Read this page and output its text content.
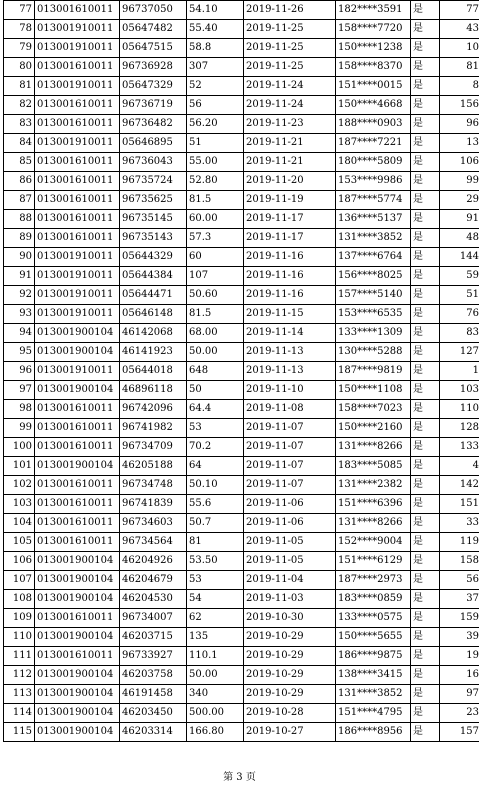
77	013001610011	96737050	54.10	2019-11-26	182****3591	是	77
78	013001910011	05647482	55.40	2019-11-25	158****7720	是	43
79	013001910011	05647515	58.8	2019-11-25	150****1238	是	10
80	013001610011	96736928	307	2019-11-25	158****8370	是	81
81	013001910011	05647329	52	2019-11-24	151****0015	是	8
82	013001610011	96736719	56	2019-11-24	150****4668	是	156
83	013001610011	96736482	56.20	2019-11-23	188****0903	是	96
84	013001910011	05646895	51	2019-11-21	187****7221	是	13
85	013001610011	96736043	55.00	2019-11-21	180****5809	是	106
86	013001610011	96735724	52.80	2019-11-20	153****9986	是	99
87	013001610011	96735625	81.5	2019-11-19	187****5774	是	29
88	013001610011	96735145	60.00	2019-11-17	136****5137	是	91
89	013001610011	96735143	57.3	2019-11-17	131****3852	是	48
90	013001910011	05644329	60	2019-11-16	137****6764	是	144
91	013001910011	05644384	107	2019-11-16	156****8025	是	59
92	013001910011	05644471	50.60	2019-11-16	157****5140	是	51
93	013001910011	05646148	81.5	2019-11-15	153****6535	是	76
94	013001900104	46142068	68.00	2019-11-14	133****1309	是	83
95	013001900104	46141923	50.00	2019-11-13	130****5288	是	127
96	013001910011	05644018	648	2019-11-13	187****9819	是	1
97	013001900104	46896118	50	2019-11-10	150****1108	是	103
98	013001610011	96742096	64.4	2019-11-08	158****7023	是	110
99	013001610011	96741982	53	2019-11-07	150****2160	是	128
100	013001610011	96734709	70.2	2019-11-07	131****8266	是	133
101	013001900104	46205188	64	2019-11-07	183****5085	是	4
102	013001610011	96734748	50.10	2019-11-07	131****2382	是	142
103	013001610011	96741839	55.6	2019-11-06	151****6396	是	151
104	013001610011	96734603	50.7	2019-11-06	131****8266	是	33
105	013001610011	96734564	81	2019-11-05	152****9004	是	119
106	013001900104	46204926	53.50	2019-11-05	151****6129	是	158
107	013001900104	46204679	53	2019-11-04	187****2973	是	56
108	013001900104	46204530	54	2019-11-03	183****0859	是	37
109	013001610011	96734007	62	2019-10-30	133****0575	是	159
110	013001900104	46203715	135	2019-10-29	150****5655	是	39
111	013001610011	96733927	110.1	2019-10-29	186****9875	是	19
112	013001900104	46203758	50.00	2019-10-29	138****3415	是	16
113	013001900104	46191458	340	2019-10-29	131****3852	是	97
114	013001900104	46203450	500.00	2019-10-28	151****4795	是	23
115	013001900104	46203314	166.80	2019-10-27	186****8956	是	157
第 3 页
